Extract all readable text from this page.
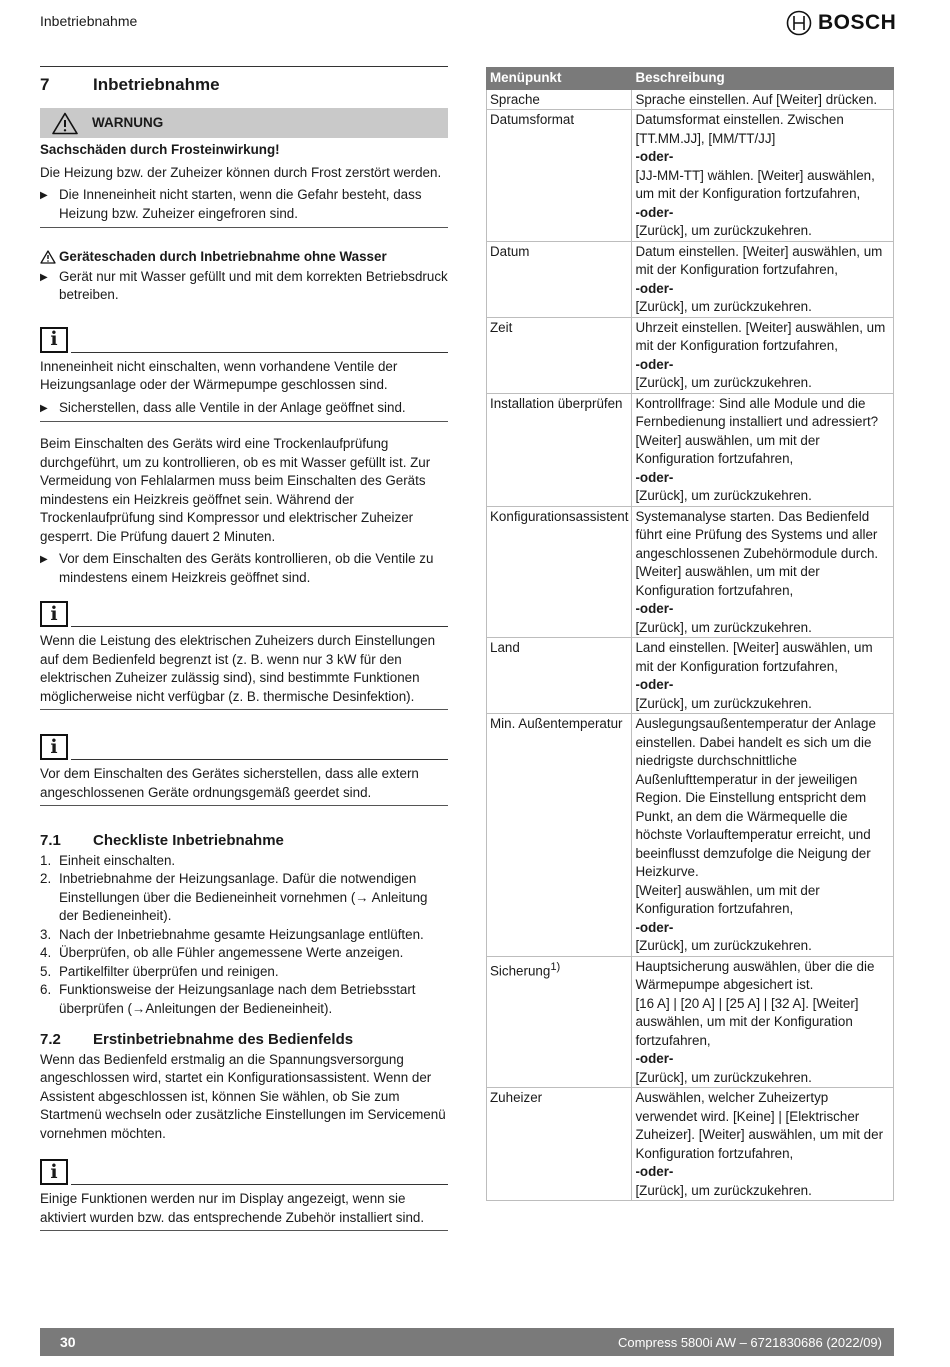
Inbetriebnahme	BOSCH
7	Inbetriebnahme
WARNUNG

Sachschäden durch Frosteinwirkung!

Die Heizung bzw. der Zuheizer können durch Frost zerstört werden.

▶ Die Inneneinheit nicht starten, wenn die Gefahr besteht, dass Heizung bzw. Zuheizer eingefroren sind.
Geräteschaden durch Inbetriebnahme ohne Wasser
▶ Gerät nur mit Wasser gefüllt und mit dem korrekten Betriebsdruck betreiben.
i

Inneneinheit nicht einschalten, wenn vorhandene Ventile der Heizungsanlage oder der Wärmepumpe geschlossen sind.

▶ Sicherstellen, dass alle Ventile in der Anlage geöffnet sind.

Beim Einschalten des Geräts wird eine Trockenlaufprüfung durchgeführt, um zu kontrollieren, ob es mit Wasser gefüllt ist. Zur Vermeidung von Fehlalarmen muss beim Einschalten des Geräts mindestens ein Heizkreis geöffnet sein. Während der Trockenlaufprüfung sind Kompressor und elektrischer Zuheizer gesperrt. Die Prüfung dauert 2 Minuten.

▶ Vor dem Einschalten des Geräts kontrollieren, ob die Ventile zu mindestens einem Heizkreis geöffnet sind.
i

Wenn die Leistung des elektrischen Zuheizers durch Einstellungen auf dem Bedienfeld begrenzt ist (z. B. wenn nur 3 kW für den elektrischen Zuheizer zulässig sind), sind bestimmte Funktionen möglicherweise nicht verfügbar (z. B. thermische Desinfektion).

i

Vor dem Einschalten des Gerätes sicherstellen, dass alle extern angeschlossenen Geräte ordnungsgemäß geerdet sind.

7.1	Checkliste Inbetriebnahme
1. Einheit einschalten.
2. Inbetriebnahme der Heizungsanlage. Dafür die notwendigen Einstellungen über die Bedieneinheit vornehmen (→ Anleitung der Bedieneinheit).
3. Nach der Inbetriebnahme gesamte Heizungsanlage entlüften.
4. Überprüfen, ob alle Fühler angemessene Werte anzeigen.
5. Partikelfilter überprüfen und reinigen.
6. Funktionsweise der Heizungsanlage nach dem Betriebsstart überprüfen (→Anleitungen der Bedieneinheit).
7.2	Erstinbetriebnahme des Bedienfelds

Wenn das Bedienfeld erstmalig an die Spannungsversorgung angeschlossen wird, startet ein Konfigurationsassistent. Wenn der Assistent abgeschlossen ist, können Sie wählen, ob Sie zum Startmenü wechseln oder zusätzliche Einstellungen im Servicemenü vornehmen möchten.

i

Einige Funktionen werden nur im Display angezeigt, wenn sie aktiviert wurden bzw. das entsprechende Zubehör installiert sind.

Menüpunkt	Beschreibung
Sprache	Sprache einstellen. Auf [Weiter] drücken.

Datumsformat	Datumsformat einstellen. Zwischen [TT.MM.JJ], [MM/TT/JJ]
-oder-
[JJ-MM-TT] wählen. [Weiter] auswählen, um mit der Konfiguration fortzufahren,
-oder-
[Zurück], um zurückzukehren.

Datum	Datum einstellen. [Weiter] auswählen, um mit der Konfiguration fortzufahren,
-oder-
[Zurück], um zurückzukehren.

Zeit	Uhrzeit einstellen. [Weiter] auswählen, um mit der Konfiguration fortzufahren,
-oder-
[Zurück], um zurückzukehren.

Installation überprüfen	Kontrollfrage: Sind alle Module und die Fernbedienung installiert und adressiert? [Weiter] auswählen, um mit der Konfiguration fortzufahren,
-oder-
[Zurück], um zurückzukehren.

Konfigurationsassistent	Systemanalyse starten. Das Bedienfeld führt eine Prüfung des Systems und aller angeschlossenen Zubehörmodule durch. [Weiter] auswählen, um mit der Konfiguration fortzufahren,
-oder-
[Zurück], um zurückzukehren.

Land	Land einstellen. [Weiter] auswählen, um mit der Konfiguration fortzufahren,
-oder-
[Zurück], um zurückzukehren.

Min. Außentemperatur	Auslegungsaußentemperatur der Anlage einstellen. Dabei handelt es sich um die niedrigste durchschnittliche Außenlufttemperatur in der jeweiligen Region. Die Einstellung entspricht dem Punkt, an dem die Wärmequelle die höchste Vorlauftemperatur erreicht, und beeinflusst demzufolge die Neigung der Heizkurve.
[Weiter] auswählen, um mit der Konfiguration fortzufahren,
-oder-
[Zurück], um zurückzukehren.

Sicherung$^{1)}$	Hauptsicherung auswählen, über die die Wärmepumpe abgesichert ist.
[16 A] | [20 A] | [25 A] | [32 A]. [Weiter] auswählen, um mit der Konfiguration fortzufahren,
-oder-
[Zurück], um zurückzukehren.

Zuheizer	Auswählen, welcher Zuheizertyp verwendet wird. [Keine] | [Elektrischer Zuheizer]. [Weiter] auswählen, um mit der Konfiguration fortzufahren,
-oder-
[Zurück], um zurückzukehren.
30	Compress 5800i AW – 6721830686 (2022/09)
